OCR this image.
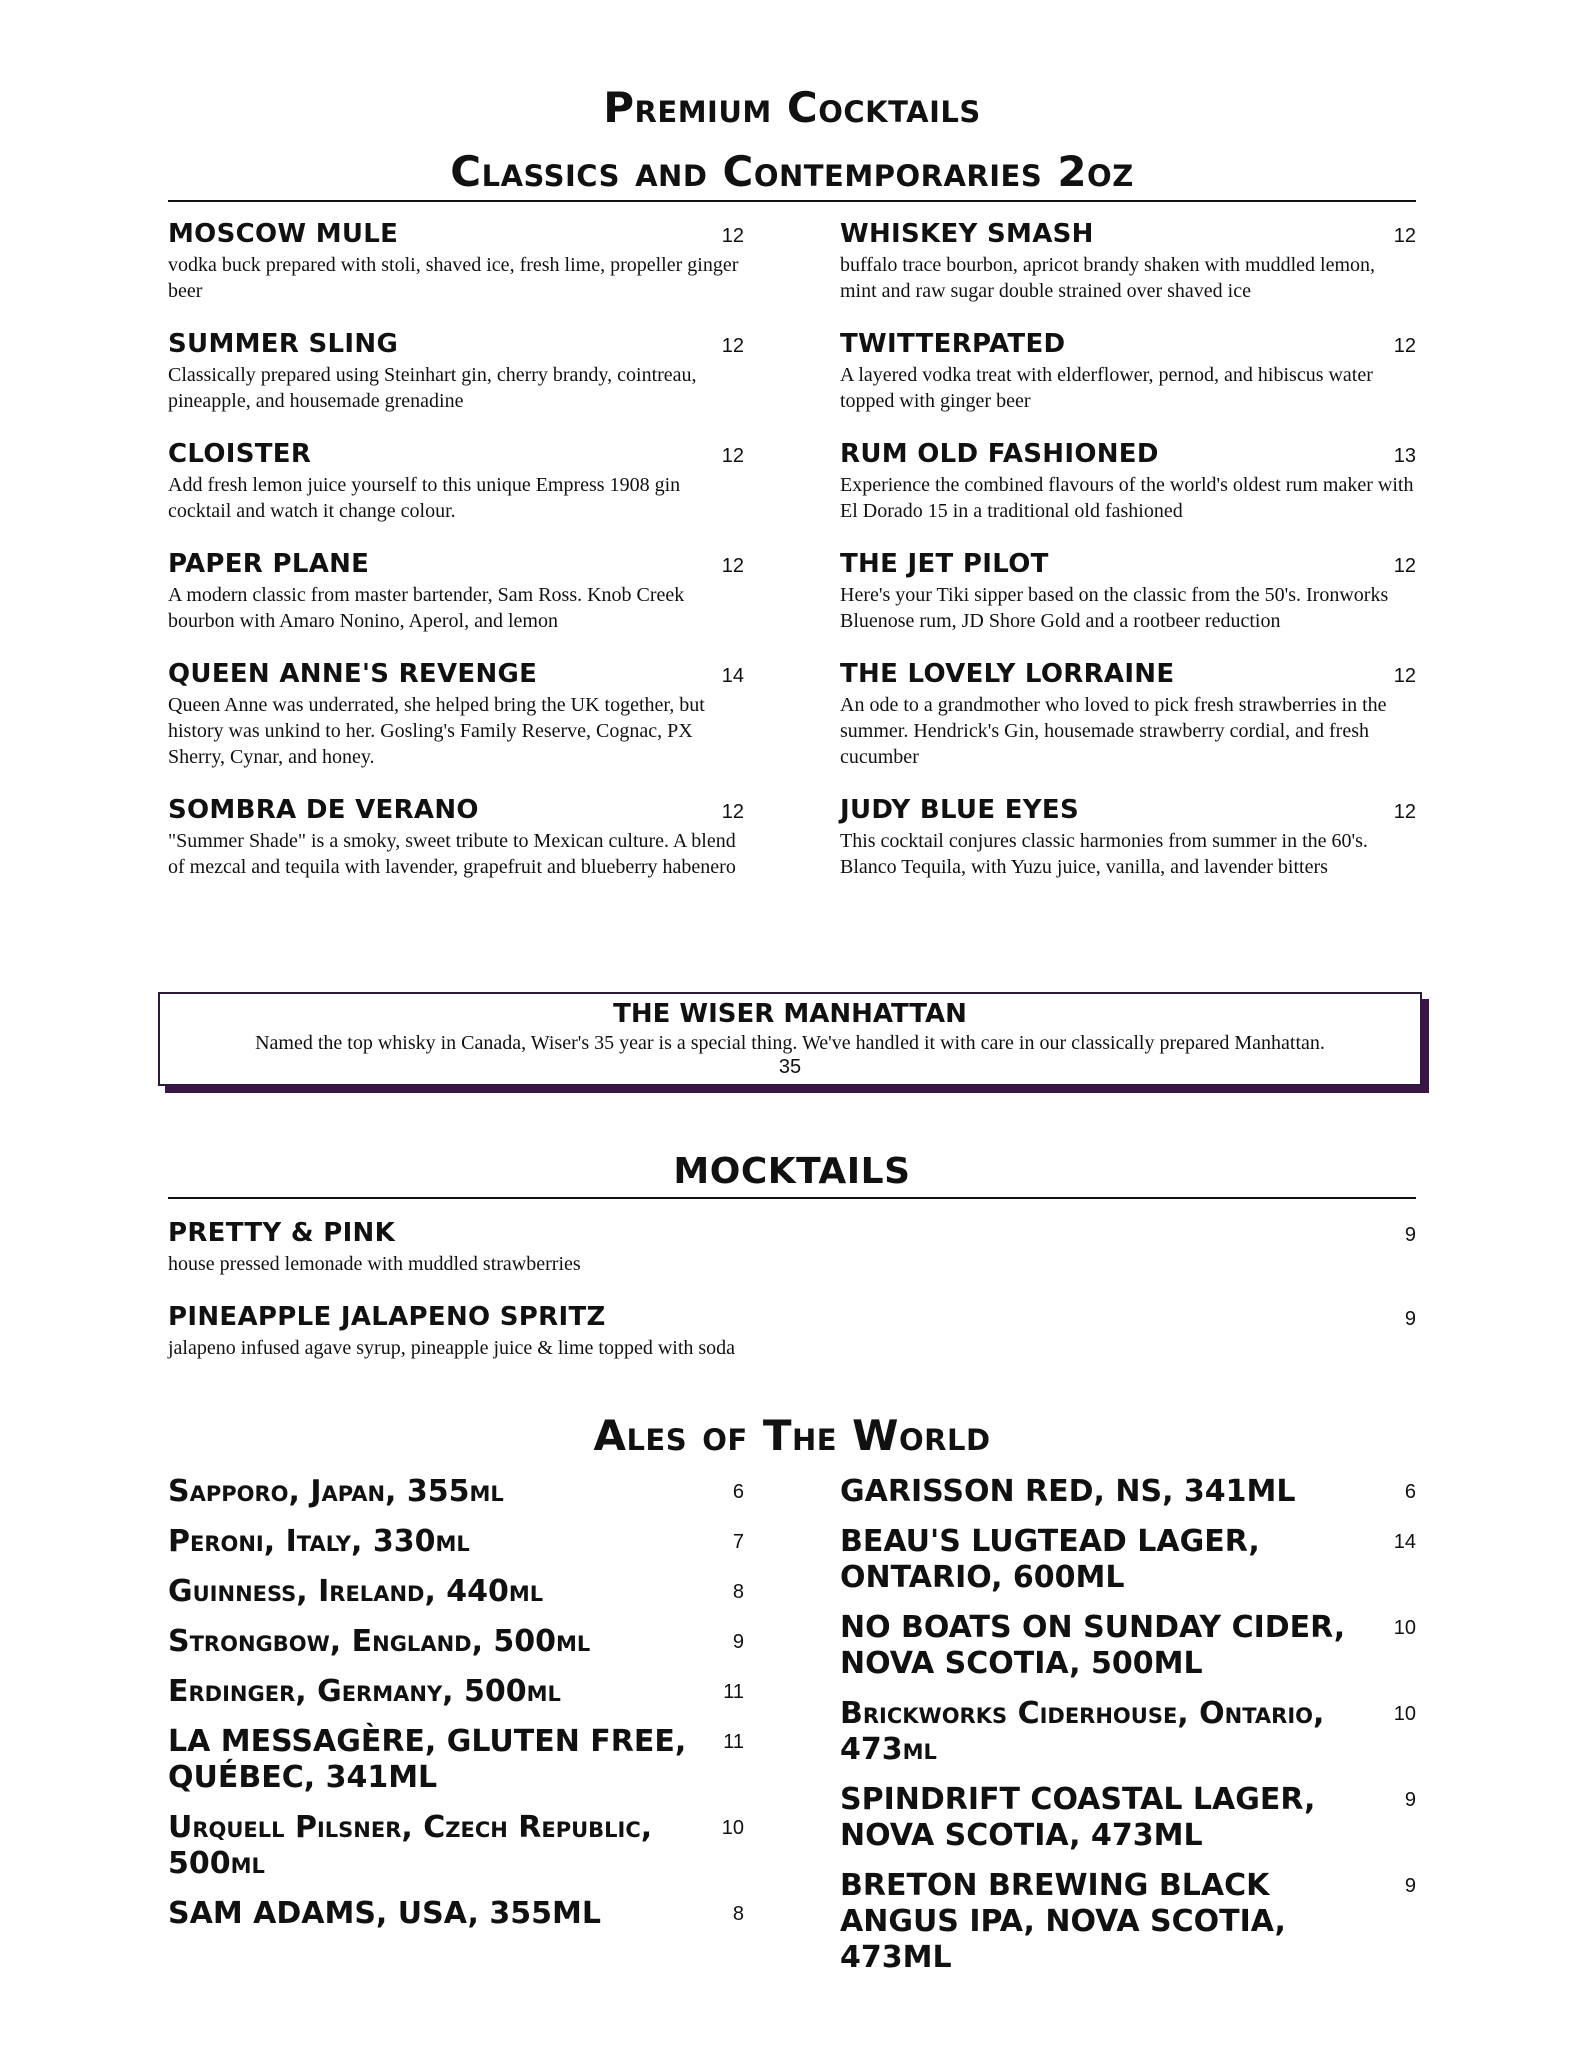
Premium Cocktails
Classics and Contemporaries 2oz
MOSCOW MULE	12
vodka buck prepared with stoli, shaved ice, fresh lime, propeller ginger beer
SUMMER SLING	12
Classically prepared using Steinhart gin, cherry brandy, cointreau, pineapple, and housemade grenadine
CLOISTER	12
Add fresh lemon juice yourself to this unique Empress 1908 gin cocktail and watch it change colour.
PAPER PLANE	12
A modern classic from master bartender, Sam Ross. Knob Creek bourbon with Amaro Nonino, Aperol, and lemon
QUEEN ANNE'S REVENGE	14
Queen Anne was underrated, she helped bring the UK together, but history was unkind to her. Gosling's Family Reserve, Cognac, PX Sherry, Cynar, and honey.
SOMBRA DE VERANO	12
"Summer Shade" is a smoky, sweet tribute to Mexican culture. A blend of mezcal and tequila with lavender, grapefruit and blueberry habenero
WHISKEY SMASH	12
buffalo trace bourbon, apricot brandy shaken with muddled lemon, mint and raw sugar double strained over shaved ice
TWITTERPATED	12
A layered vodka treat with elderflower, pernod, and hibiscus water topped with ginger beer
RUM OLD FASHIONED	13
Experience the combined flavours of the world's oldest rum maker with El Dorado 15 in a traditional old fashioned
THE JET PILOT	12
Here's your Tiki sipper based on the classic from the 50's. Ironworks Bluenose rum, JD Shore Gold and a rootbeer reduction
THE LOVELY LORRAINE	12
An ode to a grandmother who loved to pick fresh strawberries in the summer. Hendrick's Gin, housemade strawberry cordial, and fresh cucumber
JUDY BLUE EYES	12
This cocktail conjures classic harmonies from summer in the 60's. Blanco Tequila, with Yuzu juice, vanilla, and lavender bitters
THE WISER MANHATTAN
Named the top whisky in Canada, Wiser's 35 year is a special thing. We've handled it with care in our classically prepared Manhattan.
35
MOCKTAILS
PRETTY & PINK	9
house pressed lemonade with muddled strawberries
PINEAPPLE JALAPENO SPRITZ	9
jalapeno infused agave syrup, pineapple juice & lime topped with soda
Ales of The World
Sapporo, Japan, 355ml	6
Peroni, Italy, 330ml	7
Guinness, Ireland, 440ml	8
Strongbow, England, 500ml	9
Erdinger, Germany, 500ml	11
LA MESSAGÈRE, GLUTEN FREE, QUÉBEC, 341ML
11
Urquell Pilsner, Czech Republic, 500ml
10
SAM ADAMS, USA, 355ML	8
GARISSON RED, NS, 341ML	6
BEAU'S LUGTEAD LAGER, ONTARIO, 600ML
14
NO BOATS ON SUNDAY CIDER, NOVA SCOTIA, 500ML
10
Brickworks Ciderhouse, Ontario, 473ml
10
SPINDRIFT COASTAL LAGER, NOVA SCOTIA, 473ML
9
BRETON BREWING BLACK ANGUS IPA, NOVA SCOTIA, 473ML
9
